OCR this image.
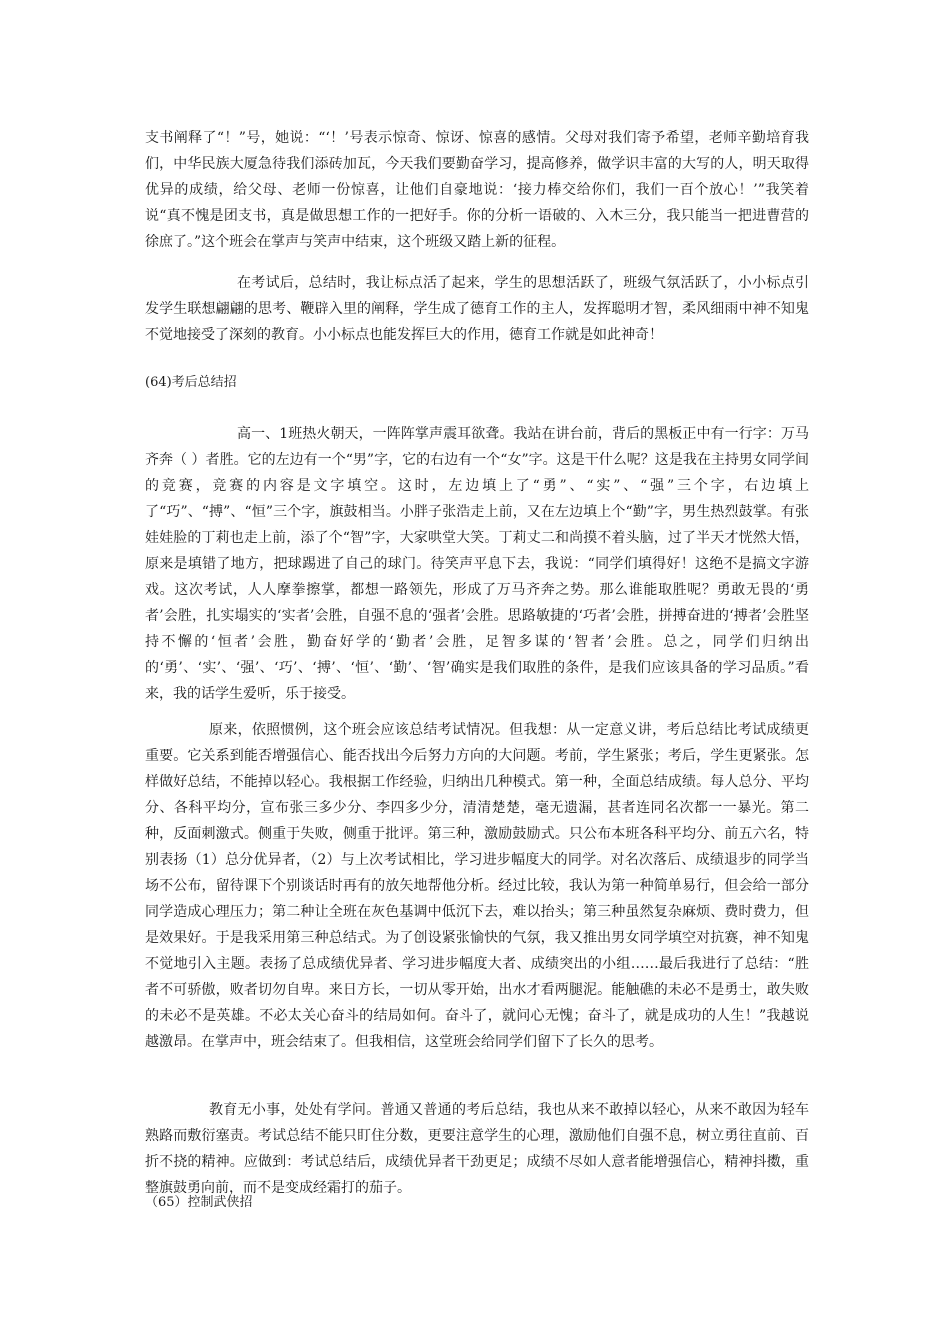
支书阐释了“！”号，她说：“‘！’号表示惊奇、惊讶、惊喜的感情。父母对我们寄予希望，老师辛勤培育我们，中华民族大厦急待我们添砖加瓦，今天我们要勤奋学习，提高修养，做学识丰富的大写的人，明天取得优异的成绩，给父母、老师一份惊喜，让他们自豪地说：‘接力棒交给你们，我们一百个放心！’”我笑着说“真不愧是团支书，真是做思想工作的一把好手。你的分析一语破的、入木三分，我只能当一把进曹营的徐庶了。”这个班会在掌声与笑声中结束，这个班级又踏上新的征程。

在考试后，总结时，我让标点活了起来，学生的思想活跃了，班级气氛活跃了，小小标点引发学生联想翩翩的思考、鞭辟入里的阐释，学生成了德育工作的主人，发挥聪明才智，柔风细雨中神不知鬼不觉地接受了深刻的教育。小小标点也能发挥巨大的作用，德育工作就是如此神奇！

(64)考后总结招

高一、1班热火朝天，一阵阵掌声震耳欲聋。我站在讲台前，背后的黑板正中有一行字：万马齐奔（ ）者胜。它的左边有一个“男”字，它的右边有一个“女”字。这是干什么呢？这是我在主持男女同学间的竞赛，竞赛的内容是文字填空。这时，左边填上了“勇”、“实”、“强”三个字，右边填上了“巧”、“搏”、“恒”三个字，旗鼓相当。小胖子张浩走上前，又在左边填上个“勤”字，男生热烈鼓掌。有张娃娃脸的丁莉也走上前，添了个“智”字，大家哄堂大笑。丁莉丈二和尚摸不着头脑，过了半天才恍然大悟，原来是填错了地方，把球踢进了自己的球门。待笑声平息下去，我说：“同学们填得好！这绝不是搞文字游戏。这次考试，人人摩拳擦掌，都想一路领先，形成了万马齐奔之势。那么谁能取胜呢？勇敢无畏的‘勇者’会胜，扎实塌实的‘实者’会胜，自强不息的‘强者’会胜。思路敏捷的‘巧者’会胜，拼搏奋进的‘搏者’会胜坚持不懈的‘恒者’会胜，勤奋好学的‘勤者’会胜，足智多谋的‘智者’会胜。总之，同学们归纳出的‘勇’、‘实’、‘强’、‘巧’、‘搏’、‘恒’、‘勤’、‘智’确实是我们取胜的条件，是我们应该具备的学习品质。”看来，我的话学生爱听，乐于接受。

原来，依照惯例，这个班会应该总结考试情况。但我想：从一定意义讲，考后总结比考试成绩更重要。它关系到能否增强信心、能否找出今后努力方向的大问题。考前，学生紧张；考后，学生更紧张。怎样做好总结，不能掉以轻心。我根据工作经验，归纳出几种模式。第一种，全面总结成绩。每人总分、平均分、各科平均分，宣布张三多少分、李四多少分，清清楚楚，毫无遗漏，甚者连同名次都一一暴光。第二种，反面刺激式。侧重于失败，侧重于批评。第三种，激励鼓励式。只公布本班各科平均分、前五六名，特别表扬（1）总分优异者，（2）与上次考试相比，学习进步幅度大的同学。对名次落后、成绩退步的同学当场不公布，留待课下个别谈话时再有的放矢地帮他分析。经过比较，我认为第一种简单易行，但会给一部分同学造成心理压力；第二种让全班在灰色基调中低沉下去，难以抬头；第三种虽然复杂麻烦、费时费力，但是效果好。于是我采用第三种总结式。为了创设紧张愉快的气氛，我又推出男女同学填空对抗赛，神不知鬼不觉地引入主题。表扬了总成绩优异者、学习进步幅度大者、成绩突出的小组……最后我进行了总结：“胜者不可骄傲，败者切勿自卑。来日方长，一切从零开始，出水才看两腿泥。能触礁的未必不是勇士，敢失败的未必不是英雄。不必太关心奋斗的结局如何。奋斗了，就问心无愧；奋斗了，就是成功的人生！”我越说越激昂。在掌声中，班会结束了。但我相信，这堂班会给同学们留下了长久的思考。

教育无小事，处处有学问。普通又普通的考后总结，我也从来不敢掉以轻心，从来不敢因为轻车熟路而敷衍塞责。考试总结不能只盯住分数，更要注意学生的心理，激励他们自强不息，树立勇往直前、百折不挠的精神。应做到：考试总结后，成绩优异者干劲更足；成绩不尽如人意者能增强信心，精神抖擞，重整旗鼓勇向前，而不是变成经霜打的茄子。

（65）控制武侠招
